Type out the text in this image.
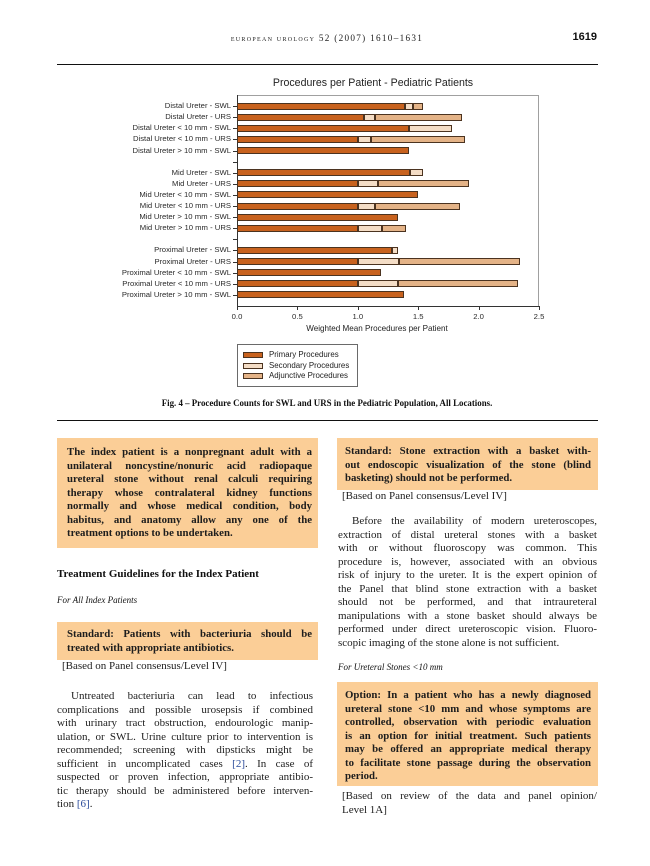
european urology 52 (2007) 1610–1631	1619
Procedures per Patient - Pediatric Patients
0.0	0.5	1.0	1.5	2.0	2.5
Distal Ureter - SWL
Distal Ureter - URS
Distal Ureter < 10 mm - SWL
Distal Ureter < 10 mm - URS
Distal Ureter > 10 mm - SWL
Mid Ureter - SWL
Mid Ureter - URS
Mid Ureter < 10 mm - SWL
Mid Ureter < 10 mm - URS
Mid Ureter > 10 mm - SWL
Mid Ureter > 10 mm - URS
Proximal Ureter - SWL
Proximal Ureter - URS
Proximal Ureter < 10 mm - SWL
Proximal Ureter < 10 mm - URS
Proximal Ureter > 10 mm - SWL
Weighted Mean Procedures per Patient
Primary Procedures
Secondary Procedures
Adjunctive Procedures
Fig. 4 – Procedure Counts for SWL and URS in the Pediatric Population, All Locations.
The index patient is a nonpregnant adult with a
unilateral noncystine/nonuric acid radiopaque
ureteral stone without renal calculi requiring
therapy whose contralateral kidney functions
normally and whose medical condition, body
habitus, and anatomy allow any one of the
treatment options to be undertaken.
Treatment Guidelines for the Index Patient
For All Index Patients
Standard: Patients with bacteriuria should be
treated with appropriate antibiotics.
[Based on Panel consensus/Level IV]
Untreated bacteriuria can lead to infectious
complications and possible urosepsis if combined
with urinary tract obstruction, endourologic manip-
ulation, or SWL. Urine culture prior to intervention is
recommended; screening with dipsticks might be
sufficient in uncomplicated cases [2]. In case of
suspected or proven infection, appropriate antibio-
tic therapy should be administered before interven-
tion [6].
Standard: Stone extraction with a basket with-
out endoscopic visualization of the stone (blind
basketing) should not be performed.
[Based on Panel consensus/Level IV]
Before the availability of modern ureteroscopes,
extraction of distal ureteral stones with a basket
with or without fluoroscopy was common. This
procedure is, however, associated with an obvious
risk of injury to the ureter. It is the expert opinion of
the Panel that blind stone extraction with a basket
should not be performed, and that intraureteral
manipulations with a stone basket should always be
performed under direct ureteroscopic vision. Fluoro-
scopic imaging of the stone alone is not sufficient.
For Ureteral Stones <10 mm
Option: In a patient who has a newly diagnosed
ureteral stone <10 mm and whose symptoms are
controlled, observation with periodic evaluation
is an option for initial treatment. Such patients
may be offered an appropriate medical therapy
to facilitate stone passage during the observation
period.
[Based on review of the data and panel opinion/
Level 1A]
